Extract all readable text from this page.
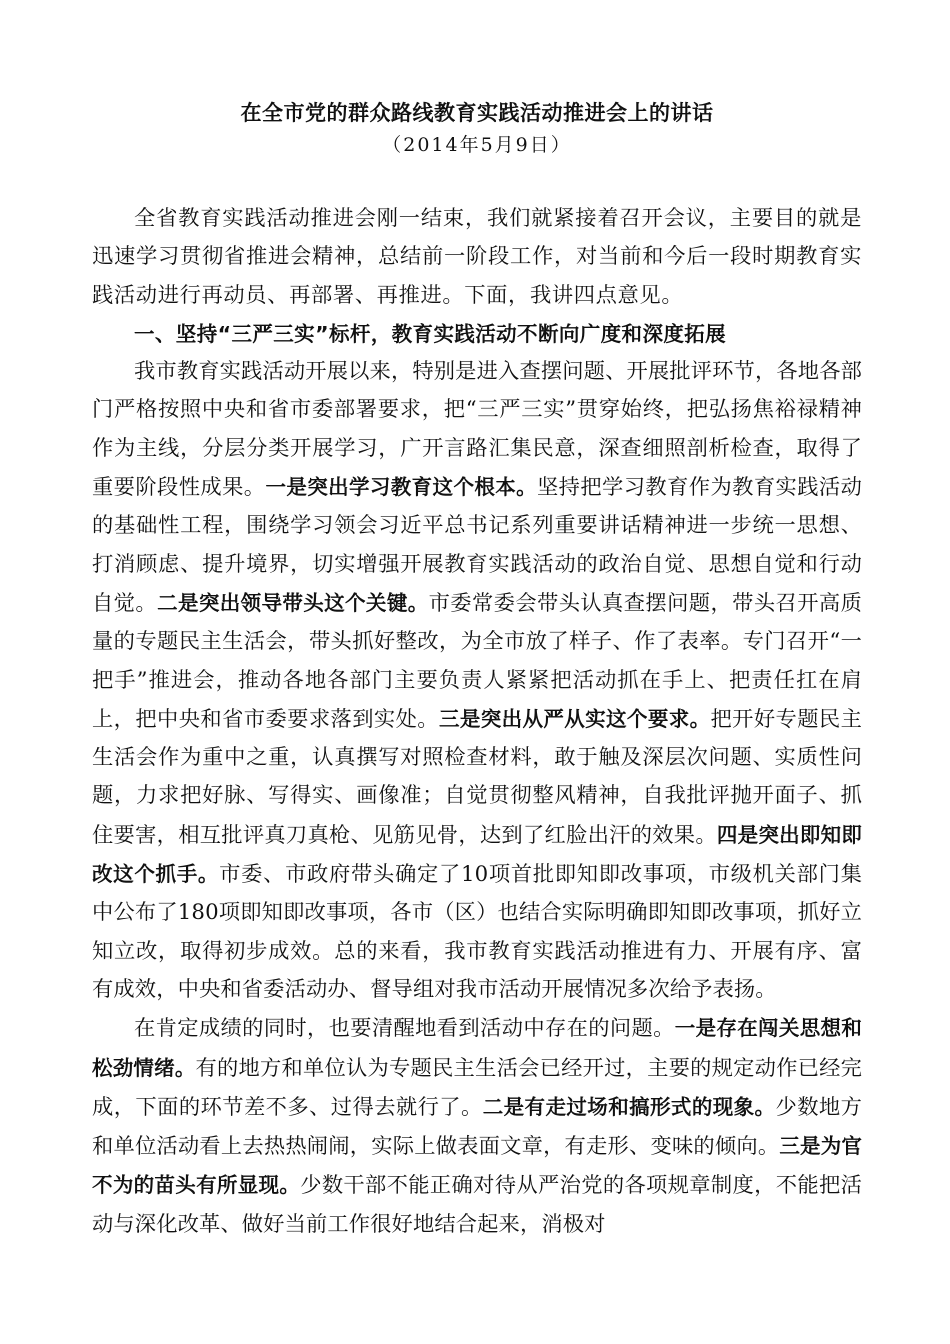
在全市党的群众路线教育实践活动推进会上的讲话

（2014年5月9日）

全省教育实践活动推进会刚一结束，我们就紧接着召开会议，主要目的就是迅速学习贯彻省推进会精神，总结前一阶段工作，对当前和今后一段时期教育实践活动进行再动员、再部署、再推进。下面，我讲四点意见。

一、坚持“三严三实”标杆，教育实践活动不断向广度和深度拓展

我市教育实践活动开展以来，特别是进入查摆问题、开展批评环节，各地各部门严格按照中央和省市委部署要求，把“三严三实”贯穿始终，把弘扬焦裕禄精神作为主线，分层分类开展学习，广开言路汇集民意，深查细照剖析检查，取得了重要阶段性成果。一是突出学习教育这个根本。坚持把学习教育作为教育实践活动的基础性工程，围绕学习领会习近平总书记系列重要讲话精神进一步统一思想、打消顾虑、提升境界，切实增强开展教育实践活动的政治自觉、思想自觉和行动自觉。二是突出领导带头这个关键。市委常委会带头认真查摆问题，带头召开高质量的专题民主生活会，带头抓好整改，为全市放了样子、作了表率。专门召开“一把手”推进会，推动各地各部门主要负责人紧紧把活动抓在手上、把责任扛在肩上，把中央和省市委要求落到实处。三是突出从严从实这个要求。把开好专题民主生活会作为重中之重，认真撰写对照检查材料，敢于触及深层次问题、实质性问题，力求把好脉、写得实、画像准；自觉贯彻整风精神，自我批评抛开面子、抓住要害，相互批评真刀真枪、见筋见骨，达到了红脸出汗的效果。四是突出即知即改这个抓手。市委、市政府带头确定了10项首批即知即改事项，市级机关部门集中公布了180项即知即改事项，各市（区）也结合实际明确即知即改事项，抓好立知立改，取得初步成效。总的来看，我市教育实践活动推进有力、开展有序、富有成效，中央和省委活动办、督导组对我市活动开展情况多次给予表扬。

在肯定成绩的同时，也要清醒地看到活动中存在的问题。一是存在闯关思想和松劲情绪。有的地方和单位认为专题民主生活会已经开过，主要的规定动作已经完成，下面的环节差不多、过得去就行了。二是有走过场和搞形式的现象。少数地方和单位活动看上去热热闹闹，实际上做表面文章，有走形、变味的倾向。三是为官不为的苗头有所显现。少数干部不能正确对待从严治党的各项规章制度，不能把活动与深化改革、做好当前工作很好地结合起来，消极对
